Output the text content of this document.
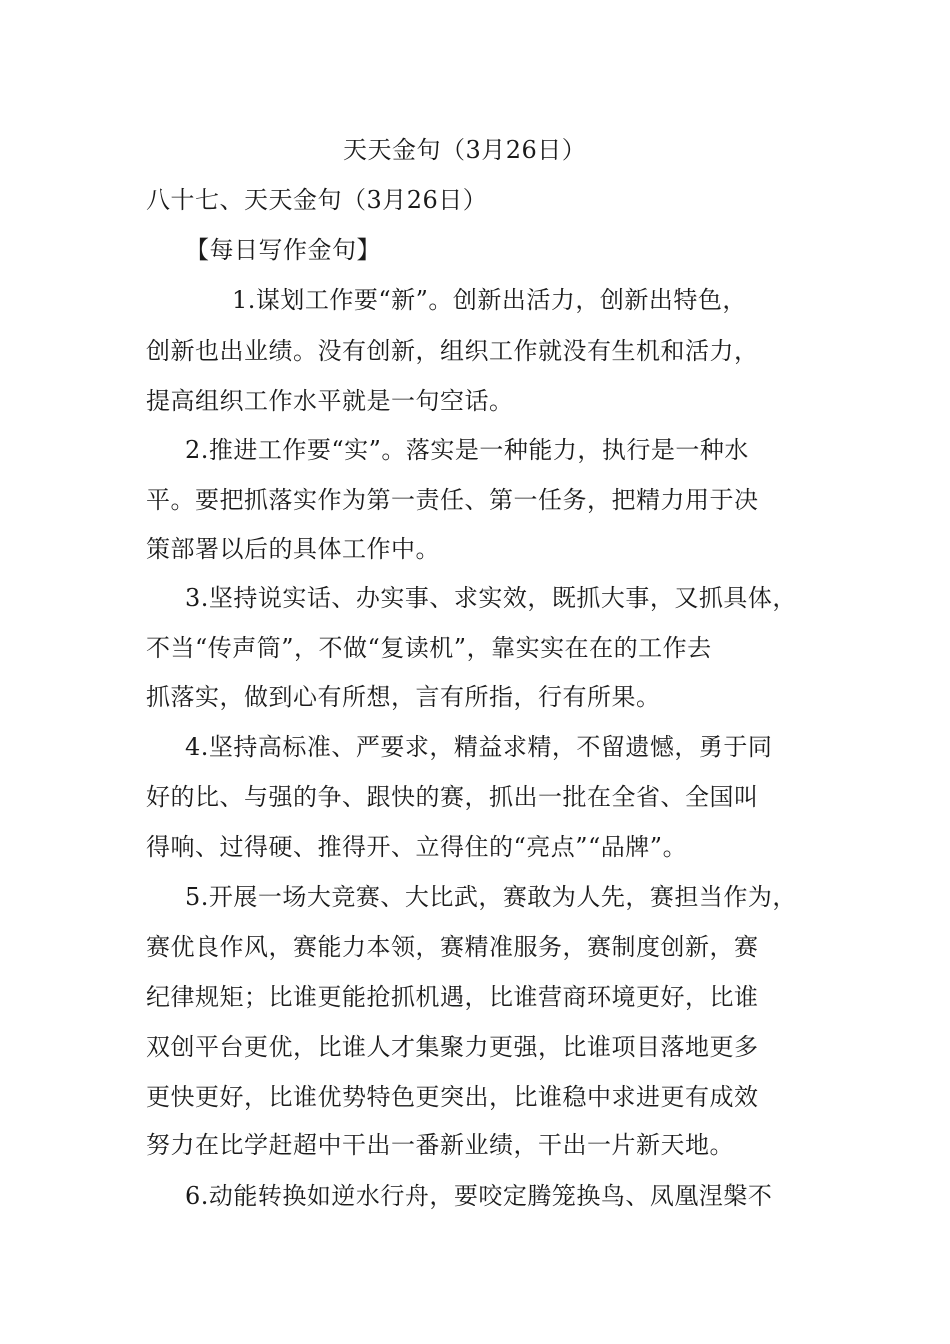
天天金句（3月26日）
八十七、天天金句（3月26日）
【每日写作金句】
1.谋划工作要“新”。创新出活力，创新出特色，
创新也出业绩。没有创新，组织工作就没有生机和活力，
提高组织工作水平就是一句空话。
2.推进工作要“实”。落实是一种能力，执行是一种水
平。要把抓落实作为第一责任、第一任务，把精力用于决
策部署以后的具体工作中。
3.坚持说实话、办实事、求实效，既抓大事，又抓具体，
不当“传声筒”，不做“复读机”，靠实实在在的工作去
抓落实，做到心有所想，言有所指，行有所果。
4.坚持高标准、严要求，精益求精，不留遗憾，勇于同
好的比、与强的争、跟快的赛，抓出一批在全省、全国叫
得响、过得硬、推得开、立得住的“亮点”“品牌”。
5.开展一场大竞赛、大比武，赛敢为人先，赛担当作为，
赛优良作风，赛能力本领，赛精准服务，赛制度创新，赛
纪律规矩；比谁更能抢抓机遇，比谁营商环境更好，比谁
双创平台更优，比谁人才集聚力更强，比谁项目落地更多
更快更好，比谁优势特色更突出，比谁稳中求进更有成效
努力在比学赶超中干出一番新业绩，干出一片新天地。
6.动能转换如逆水行舟，要咬定腾笼换鸟、凤凰涅槃不
